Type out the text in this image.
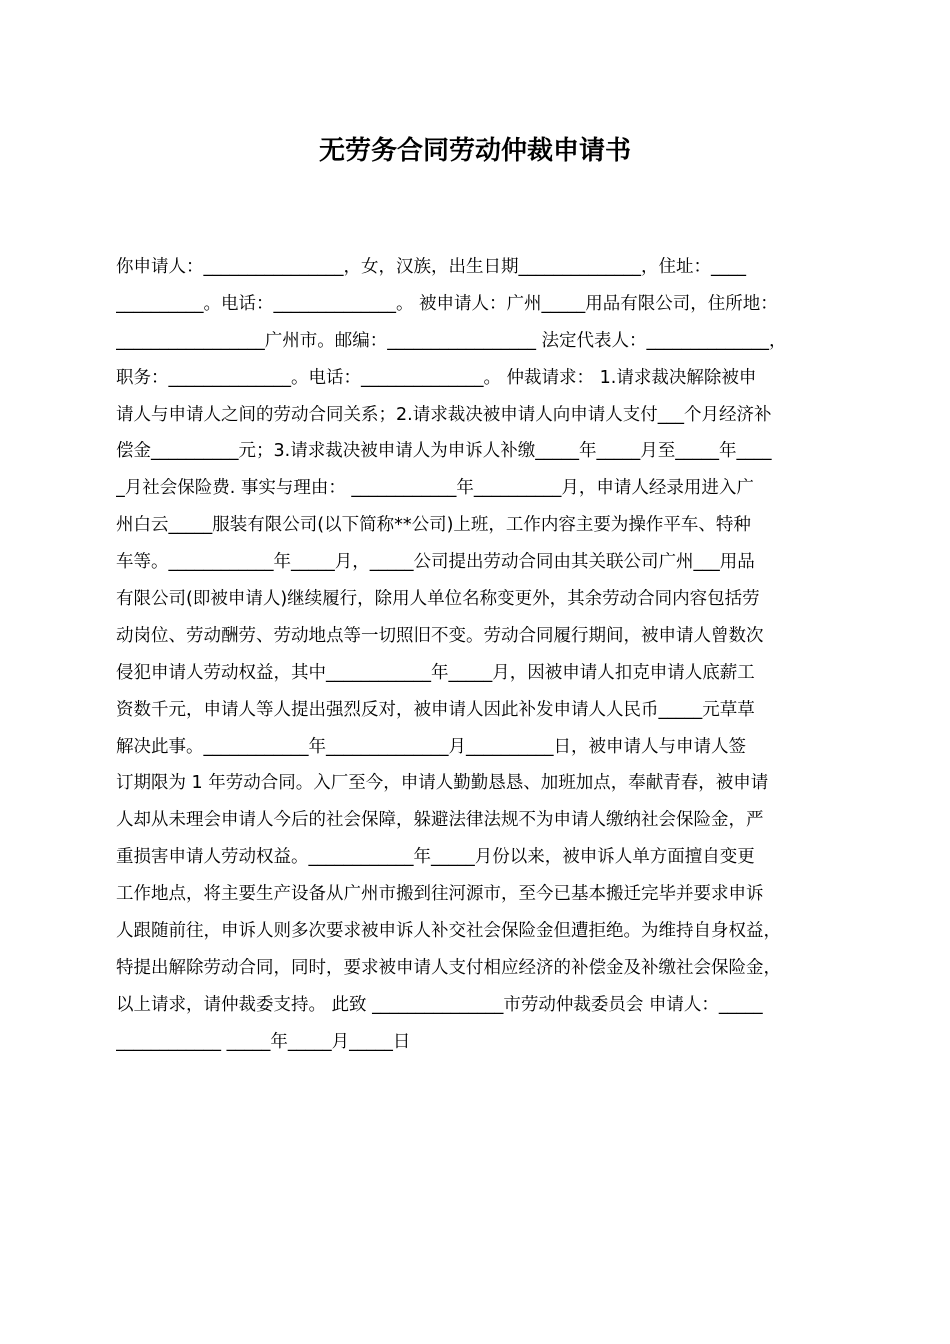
无劳务合同劳动仲裁申请书
你申请人：________________，女，汉族，出生日期______________，住址：____
__________。电话：______________。 被申请人：广州_____用品有限公司，住所地：
_________________广州市。邮编：_________________ 法定代表人：______________，
职务：______________。电话：______________。 仲裁请求： 1.请求裁决解除被申
请人与申请人之间的劳动合同关系；2.请求裁决被申请人向申请人支付___个月经济补
偿金__________元；3.请求裁决被申请人为申诉人补缴_____年_____月至_____年____
_月社会保险费. 事实与理由： ____________年__________月，申请人经录用进入广
州白云_____服装有限公司(以下简称**公司)上班，工作内容主要为操作平车、特种
车等。____________年_____月，_____公司提出劳动合同由其关联公司广州___用品
有限公司(即被申请人)继续履行，除用人单位名称变更外，其余劳动合同内容包括劳
动岗位、劳动酬劳、劳动地点等一切照旧不变。劳动合同履行期间，被申请人曾数次
侵犯申请人劳动权益，其中____________年_____月，因被申请人扣克申请人底薪工
资数千元，申请人等人提出强烈反对，被申请人因此补发申请人人民币_____元草草
解决此事。____________年______________月__________日，被申请人与申请人签
订期限为 1 年劳动合同。入厂至今，申请人勤勤恳恳、加班加点，奉献青春，被申请
人却从未理会申请人今后的社会保障，躲避法律法规不为申请人缴纳社会保险金，严
重损害申请人劳动权益。____________年_____月份以来，被申诉人单方面擅自变更
工作地点，将主要生产设备从广州市搬到往河源市，至今已基本搬迁完毕并要求申诉
人跟随前往，申诉人则多次要求被申诉人补交社会保险金但遭拒绝。为维持自身权益，
特提出解除劳动合同，同时，要求被申请人支付相应经济的补偿金及补缴社会保险金，
以上请求，请仲裁委支持。 此致 _______________市劳动仲裁委员会 申请人：_____
____________ _____年_____月_____日
